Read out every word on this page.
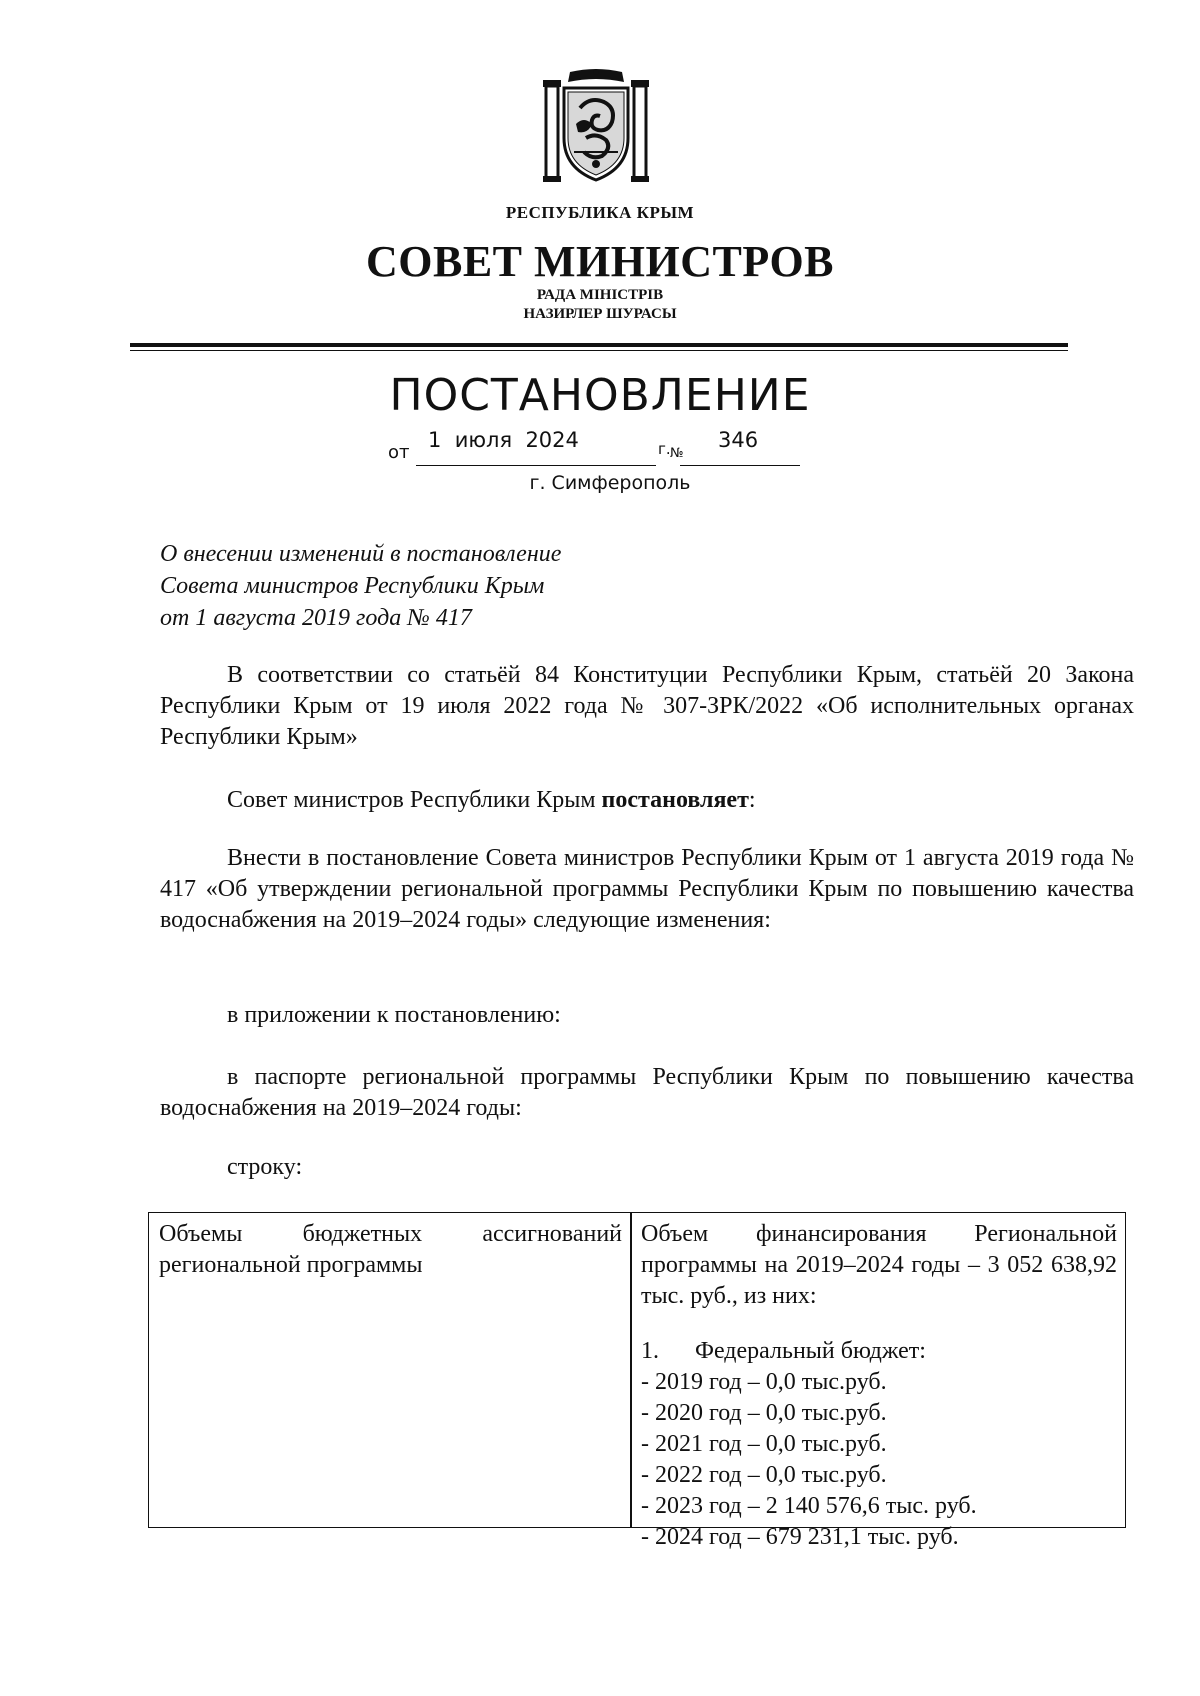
РЕСПУБЛИКА КРЫМ
СОВЕТ МИНИСТРОВ
РАДА МІНІСТРІВ
НАЗИРЛЕР ШУРАСЫ
ПОСТАНОВЛЕНИЕ
от
1  июля  2024	г. №
346
г. Симферополь
О внесении изменений в постановление
Совета министров Республики Крым
от 1 августа 2019 года № 417
В соответствии со статьёй 84 Конституции Республики Крым, статьёй 20 Закона Республики Крым от 19 июля 2022 года № 307-ЗРК/2022 «Об исполнительных органах Республики Крым»
Совет министров Республики Крым постановляет:
Внести в постановление Совета министров Республики Крым от 1 августа 2019 года № 417 «Об утверждении региональной программы Республики Крым по повышению качества водоснабжения на 2019–2024 годы» следующие изменения:
в приложении к постановлению:
в паспорте региональной программы Республики Крым по повышению качества водоснабжения на 2019–2024 годы:
строку:
Объемы бюджетных ассигнований региональной программы
Объем финансирования Региональной программы на 2019–2024 годы – 3 052 638,92 тыс. руб., из них:
1.      Федеральный бюджет:
- 2019 год – 0,0 тыс.руб.
- 2020 год – 0,0 тыс.руб.
- 2021 год – 0,0 тыс.руб.
- 2022 год – 0,0 тыс.руб.
- 2023 год – 2 140 576,6 тыс. руб.
- 2024 год – 679 231,1 тыс. руб.
